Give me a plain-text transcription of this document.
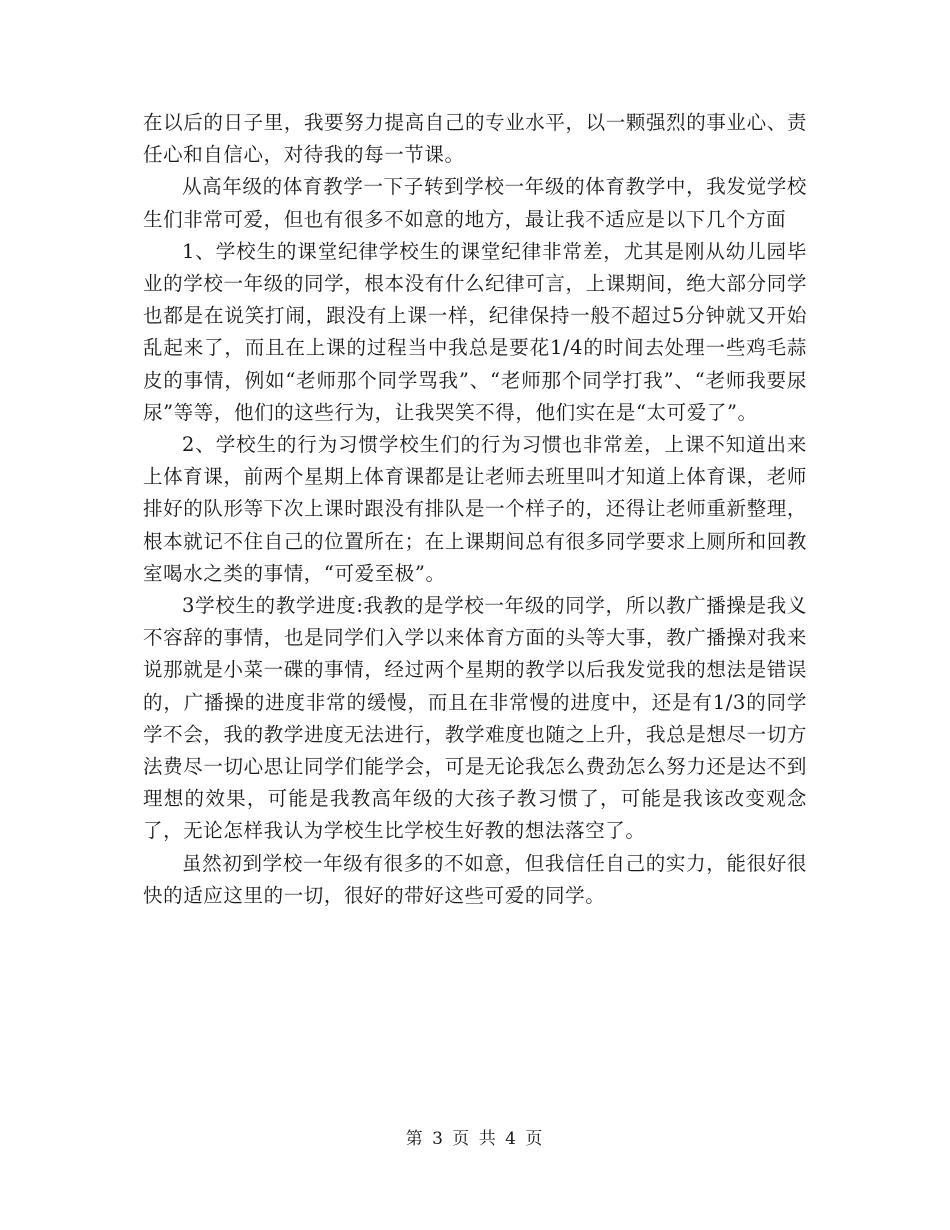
在以后的日子里，我要努力提高自己的专业水平，以一颗强烈的事业心、责任心和自信心，对待我的每一节课。

从高年级的体育教学一下子转到学校一年级的体育教学中，我发觉学校生们非常可爱，但也有很多不如意的地方，最让我不适应是以下几个方面

1、学校生的课堂纪律学校生的课堂纪律非常差，尤其是刚从幼儿园毕业的学校一年级的同学，根本没有什么纪律可言，上课期间，绝大部分同学也都是在说笑打闹，跟没有上课一样，纪律保持一般不超过5分钟就又开始乱起来了，而且在上课的过程当中我总是要花1/4的时间去处理一些鸡毛蒜皮的事情，例如“老师那个同学骂我”、“老师那个同学打我”、“老师我要尿尿”等等，他们的这些行为，让我哭笑不得，他们实在是“太可爱了”。

2、学校生的行为习惯学校生们的行为习惯也非常差，上课不知道出来上体育课，前两个星期上体育课都是让老师去班里叫才知道上体育课，老师排好的队形等下次上课时跟没有排队是一个样子的，还得让老师重新整理，根本就记不住自己的位置所在；在上课期间总有很多同学要求上厕所和回教室喝水之类的事情，“可爱至极”。

3学校生的教学进度:我教的是学校一年级的同学，所以教广播操是我义不容辞的事情，也是同学们入学以来体育方面的头等大事，教广播操对我来说那就是小菜一碟的事情，经过两个星期的教学以后我发觉我的想法是错误的，广播操的进度非常的缓慢，而且在非常慢的进度中，还是有1/3的同学学不会，我的教学进度无法进行，教学难度也随之上升，我总是想尽一切方法费尽一切心思让同学们能学会，可是无论我怎么费劲怎么努力还是达不到理想的效果，可能是我教高年级的大孩子教习惯了，可能是我该改变观念了，无论怎样我认为学校生比学校生好教的想法落空了。

虽然初到学校一年级有很多的不如意，但我信任自己的实力，能很好很快的适应这里的一切，很好的带好这些可爱的同学。

第 3 页 共 4 页
